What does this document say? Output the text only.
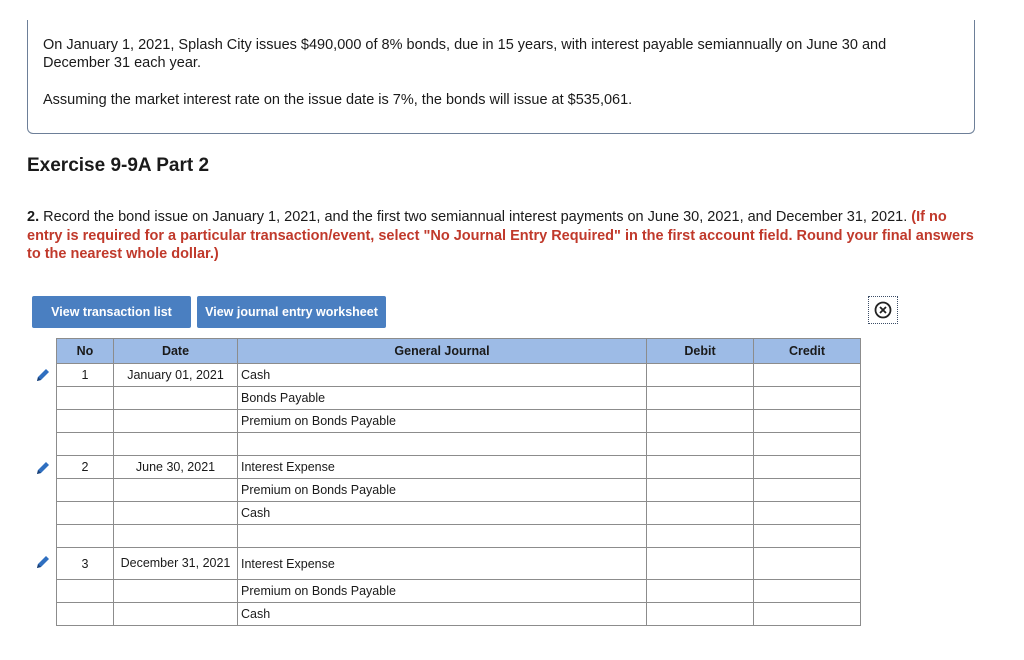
On January 1, 2021, Splash City issues $490,000 of 8% bonds, due in 15 years, with interest payable semiannually on June 30 and December 31 each year.

Assuming the market interest rate on the issue date is 7%, the bonds will issue at $535,061.

Exercise 9-9A Part 2

2. Record the bond issue on January 1, 2021, and the first two semiannual interest payments on June 30, 2021, and December 31, 2021. (If no entry is required for a particular transaction/event, select "No Journal Entry Required" in the first account field. Round your final answers to the nearest whole dollar.)

View transaction list	View journal entry worksheet
No	Date	General Journal	Debit	Credit
1	January 01, 2021	Cash		
		Bonds Payable		
		Premium on Bonds Payable		

2	June 30, 2021	Interest Expense		
		Premium on Bonds Payable		
		Cash		

3	December 31, 2021	Interest Expense		
		Premium on Bonds Payable		
		Cash		
